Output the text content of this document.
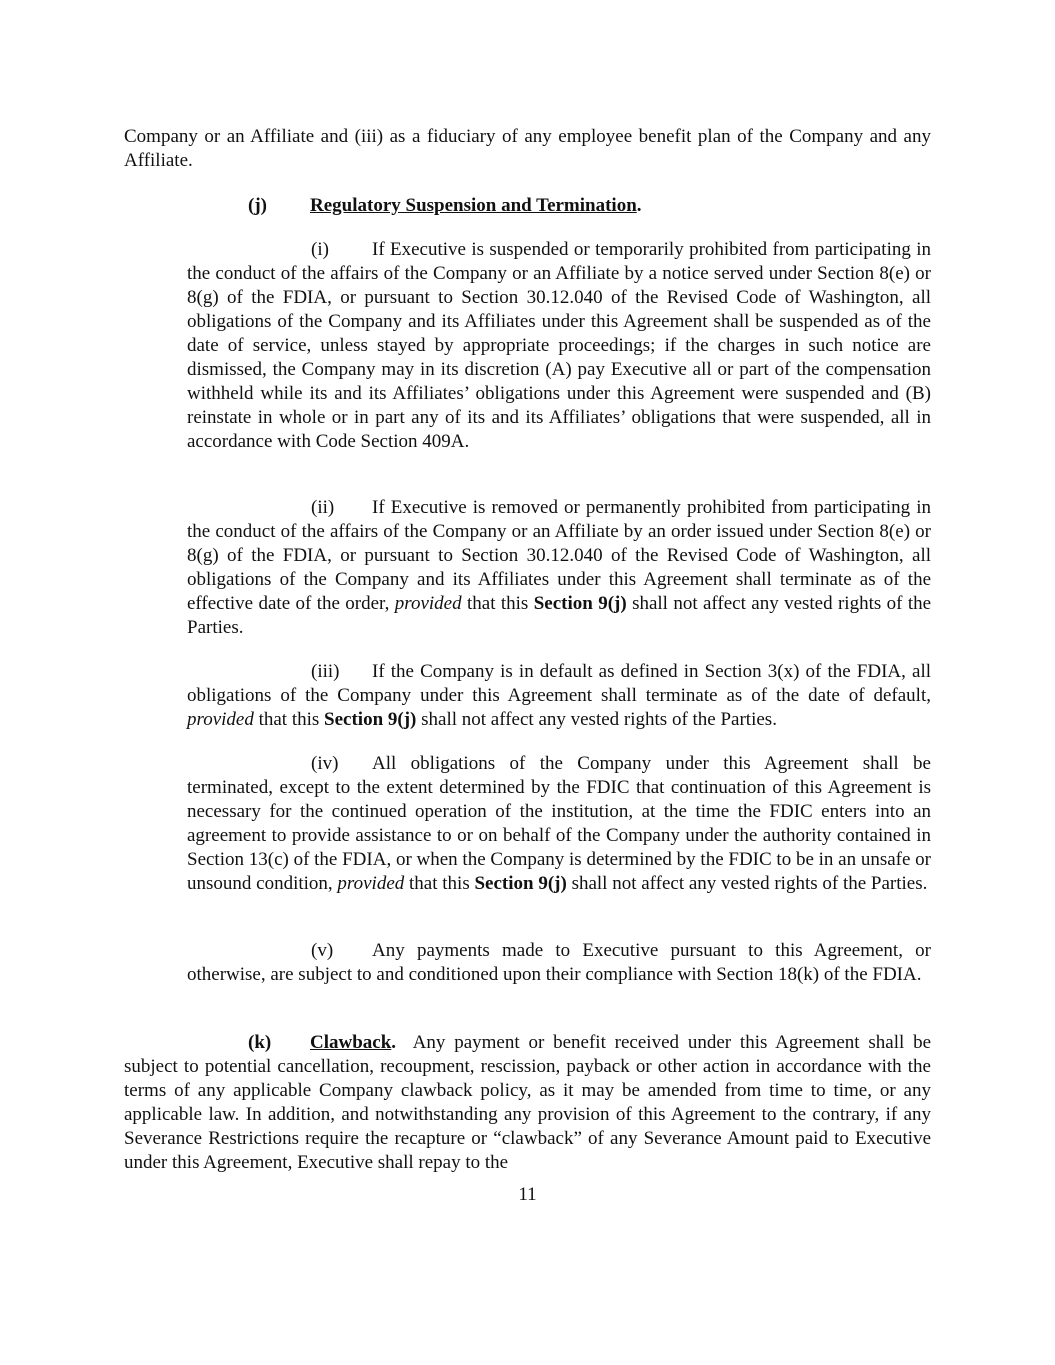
Company or an Affiliate and (iii) as a fiduciary of any employee benefit plan of the Company and any Affiliate.

(j) Regulatory Suspension and Termination.

(i) If Executive is suspended or temporarily prohibited from participating in the conduct of the affairs of the Company or an Affiliate by a notice served under Section 8(e) or 8(g) of the FDIA, or pursuant to Section 30.12.040 of the Revised Code of Washington, all obligations of the Company and its Affiliates under this Agreement shall be suspended as of the date of service, unless stayed by appropriate proceedings; if the charges in such notice are dismissed, the Company may in its discretion (A) pay Executive all or part of the compensation withheld while its and its Affiliates’ obligations under this Agreement were suspended and (B) reinstate in whole or in part any of its and its Affiliates’ obligations that were suspended, all in accordance with Code Section 409A.

(ii) If Executive is removed or permanently prohibited from participating in the conduct of the affairs of the Company or an Affiliate by an order issued under Section 8(e) or 8(g) of the FDIA, or pursuant to Section 30.12.040 of the Revised Code of Washington, all obligations of the Company and its Affiliates under this Agreement shall terminate as of the effective date of the order, provided that this Section 9(j) shall not affect any vested rights of the Parties.

(iii) If the Company is in default as defined in Section 3(x) of the FDIA, all obligations of the Company under this Agreement shall terminate as of the date of default, provided that this Section 9(j) shall not affect any vested rights of the Parties.

(iv) All obligations of the Company under this Agreement shall be terminated, except to the extent determined by the FDIC that continuation of this Agreement is necessary for the continued operation of the institution, at the time the FDIC enters into an agreement to provide assistance to or on behalf of the Company under the authority contained in Section 13(c) of the FDIA, or when the Company is determined by the FDIC to be in an unsafe or unsound condition, provided that this Section 9(j) shall not affect any vested rights of the Parties.

(v) Any payments made to Executive pursuant to this Agreement, or otherwise, are subject to and conditioned upon their compliance with Section 18(k) of the FDIA.

(k) Clawback. Any payment or benefit received under this Agreement shall be subject to potential cancellation, recoupment, rescission, payback or other action in accordance with the terms of any applicable Company clawback policy, as it may be amended from time to time, or any applicable law. In addition, and notwithstanding any provision of this Agreement to the contrary, if any Severance Restrictions require the recapture or “clawback” of any Severance Amount paid to Executive under this Agreement, Executive shall repay to the

11
